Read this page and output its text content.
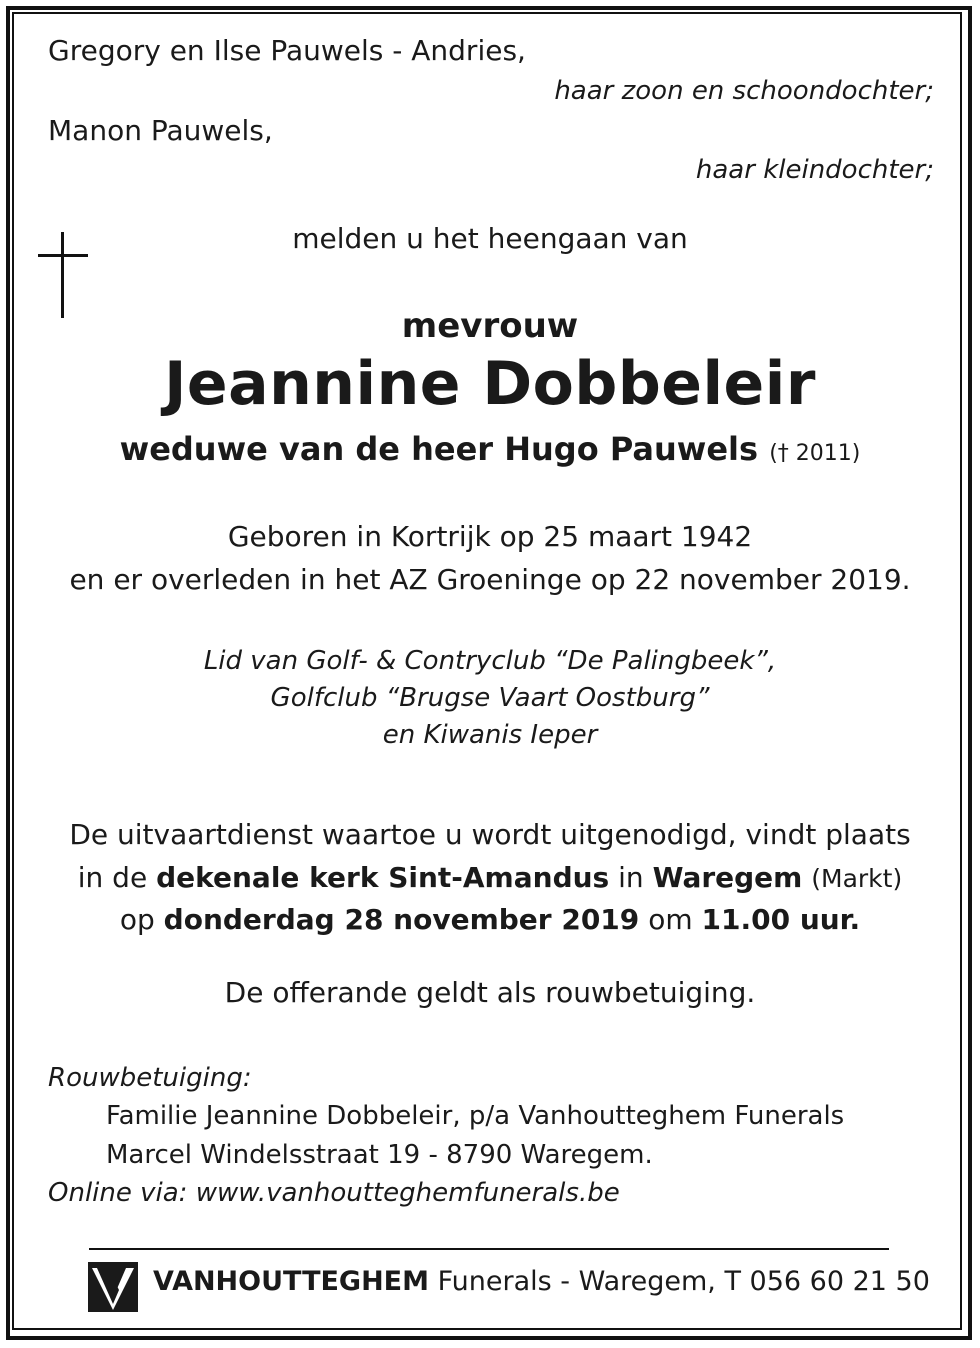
Gregory en Ilse Pauwels - Andries,
haar zoon en schoondochter;
Manon Pauwels,
haar kleindochter;
melden u het heengaan van
mevrouw
Jeannine Dobbeleir
weduwe van de heer Hugo Pauwels († 2011)
Geboren in Kortrijk op 25 maart 1942
en er overleden in het AZ Groeninge op 22 november 2019.
Lid van Golf- & Contryclub “De Palingbeek”,
Golfclub “Brugse Vaart Oostburg”
en Kiwanis Ieper
De uitvaartdienst waartoe u wordt uitgenodigd, vindt plaats
in de dekenale kerk Sint-Amandus in Waregem (Markt)
op donderdag 28 november 2019 om 11.00 uur.
De offerande geldt als rouwbetuiging.
Rouwbetuiging:
Familie Jeannine Dobbeleir, p/a Vanhoutteghem Funerals
Marcel Windelsstraat 19 - 8790 Waregem.
Online via: www.vanhoutteghemfunerals.be
VANHOUTTEGHEM Funerals - Waregem, T 056 60 21 50
